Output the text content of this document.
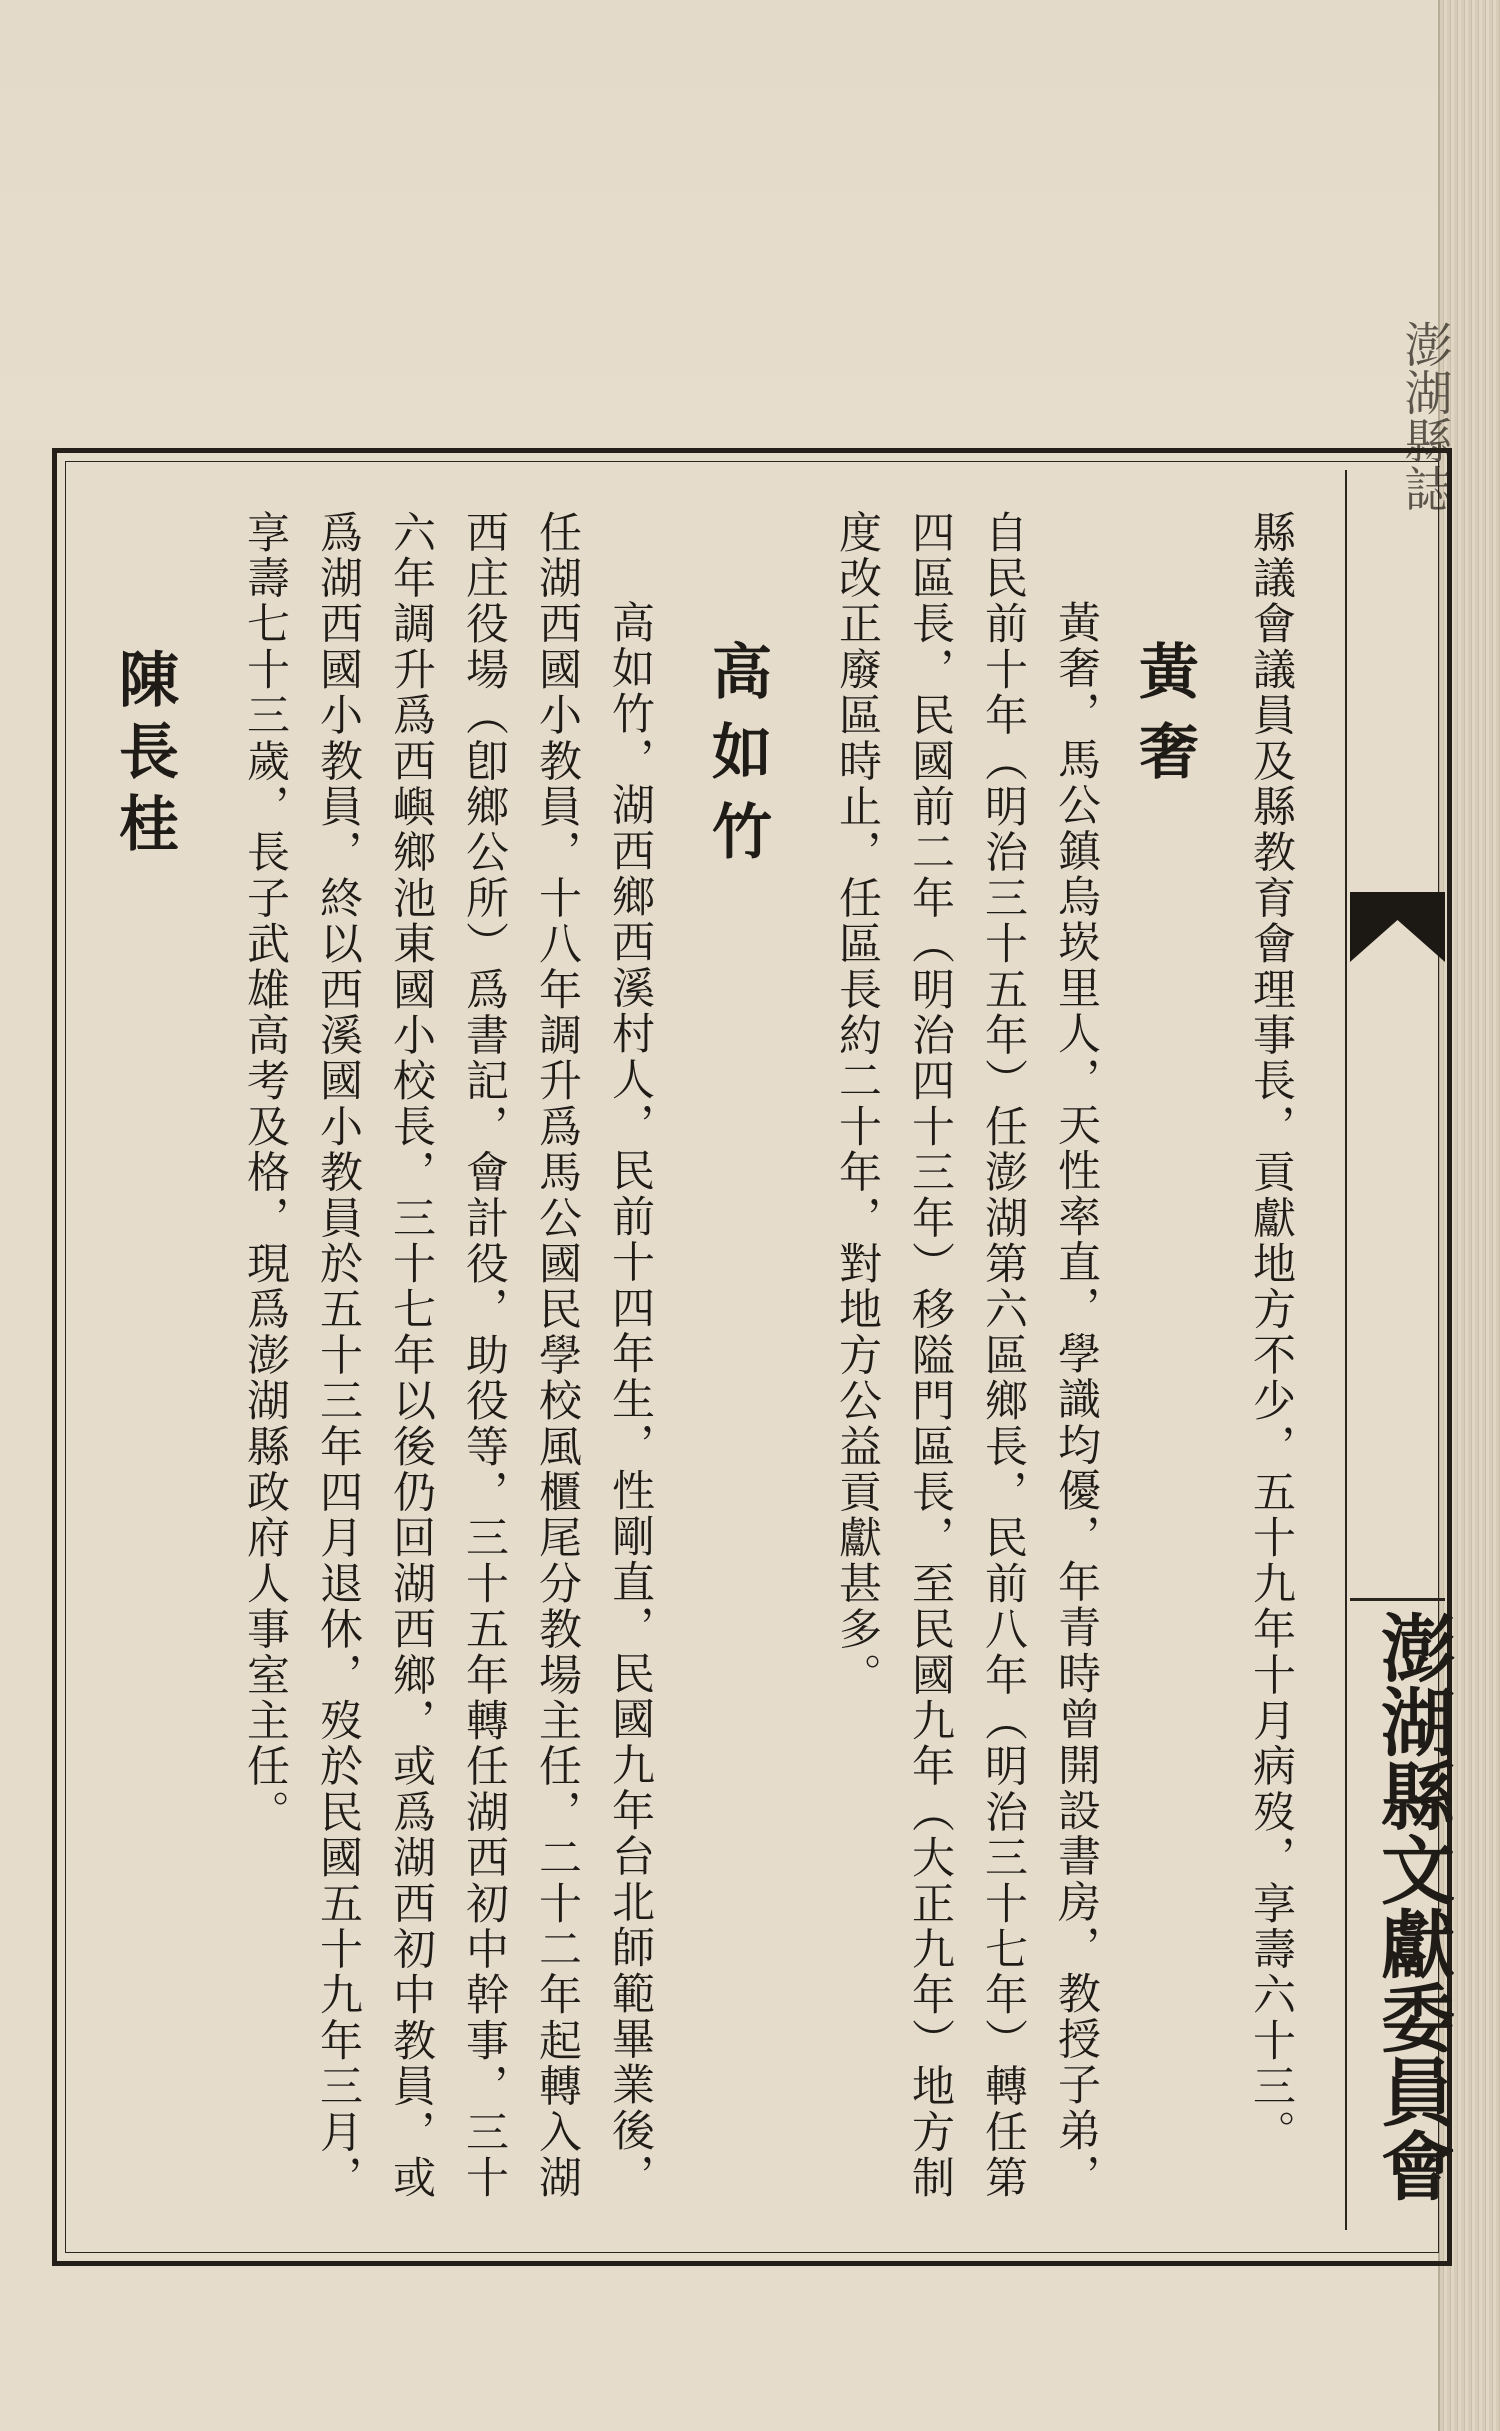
澎湖縣誌
澎湖縣文獻委員會
縣議會議員及縣教育會理事長，貢獻地方不少，五十九年十月病歿，享壽六十三。
黃奢
黃奢，馬公鎮烏崁里人，天性率直，學識均優，年青時曾開設書房，教授子弟，
自民前十年（明治三十五年）任澎湖第六區鄉長，民前八年（明治三十七年）轉任第
四區長，民國前二年（明治四十三年）移隘門區長，至民國九年（大正九年）地方制
度改正廢區時止，任區長約二十年，對地方公益貢獻甚多。
高如竹
高如竹，湖西鄉西溪村人，民前十四年生，性剛直，民國九年台北師範畢業後，
任湖西國小教員，十八年調升爲馬公國民學校風櫃尾分教場主任，二十二年起轉入湖
西庄役場（卽鄉公所）爲書記，會計役，助役等，三十五年轉任湖西初中幹事，三十
六年調升爲西嶼鄉池東國小校長，三十七年以後仍回湖西鄉，或爲湖西初中教員，或
爲湖西國小教員，終以西溪國小教員於五十三年四月退休，歿於民國五十九年三月，
享壽七十三歲，長子武雄高考及格，現爲澎湖縣政府人事室主任。
陳長桂
